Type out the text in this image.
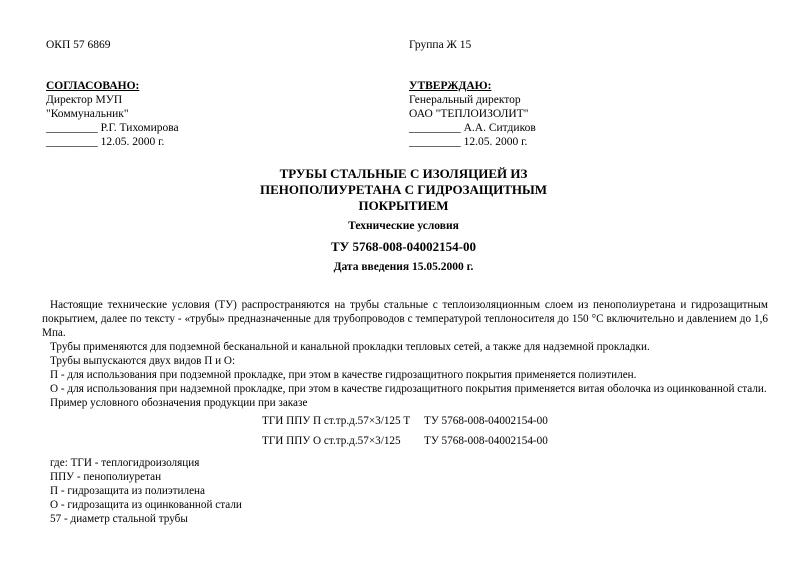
ОКП 57 6869	Группа Ж 15
СОГЛАСОВАНО:
Директор МУП
"Коммунальник"
_________ Р.Г. Тихомирова
_________ 12.05. 2000 г.
УТВЕРЖДАЮ:
Генеральный директор
ОАО "ТЕПЛОИЗОЛИТ"
_________ А.А. Ситдиков
_________ 12.05. 2000 г.
ТРУБЫ СТАЛЬНЫЕ С ИЗОЛЯЦИЕЙ ИЗ
ПЕНОПОЛИУРЕТАНА С ГИДРОЗАЩИТНЫМ
ПОКРЫТИЕМ
Технические условия
ТУ 5768-008-04002154-00
Дата введения 15.05.2000 г.

Настоящие технические условия (ТУ) распространяются на трубы стальные с теплоизоляционным слоем из пенополиуретана и гидрозащитным покрытием, далее по тексту - «трубы» предназначенные для трубопроводов с температурой теплоносителя до 150 °С включительно и давлением до 1,6 Мпа.

Трубы применяются для подземной бесканальной и канальной прокладки тепловых сетей, а также для надземной прокладки.

Трубы выпускаются двух видов П и О:

П - для использования при подземной прокладке, при этом в качестве гидрозащитного покрытия применяется полиэтилен.

О - для использования при надземной прокладке, при этом в качестве гидрозащитного покрытия применяется витая оболочка из оцинкованной стали.

Пример условного обозначения продукции при заказе

ТГИ ППУ П ст.тр.д.57×3/125 Т ТУ 5768-008-04002154-00
ТГИ ППУ О ст.тр.д.57×3/125 ТУ 5768-008-04002154-00
где: ТГИ - теплогидроизоляция
ППУ - пенополиуретан
П - гидрозащита из полиэтилена
О - гидрозащита из оцинкованной стали
57 - диаметр стальной трубы
